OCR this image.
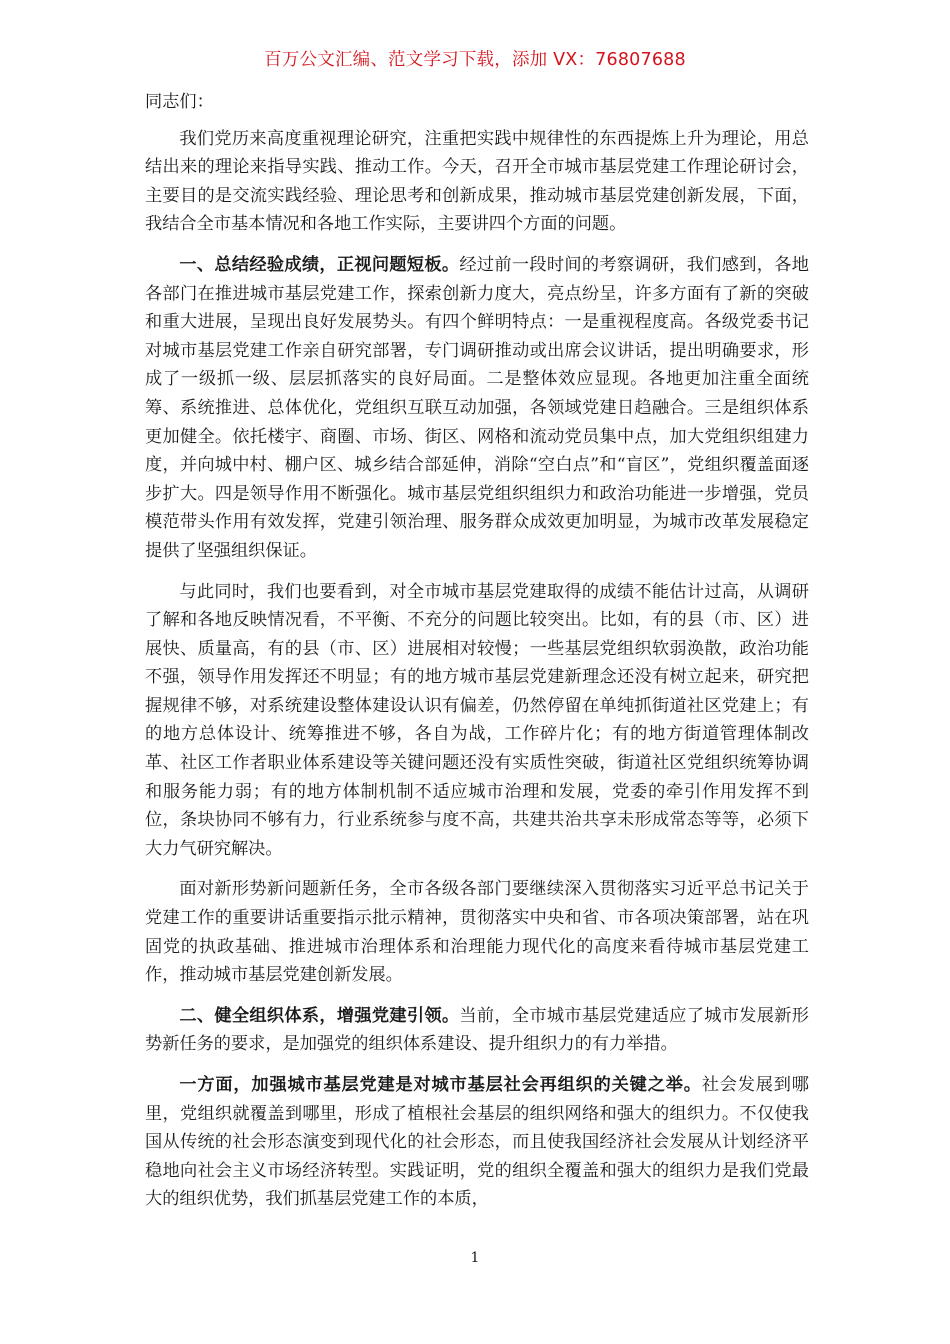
百万公文汇编、范文学习下载，添加 VX：76807688

同志们：

我们党历来高度重视理论研究，注重把实践中规律性的东西提炼上升为理论，用总结出来的理论来指导实践、推动工作。今天，召开全市城市基层党建工作理论研讨会，主要目的是交流实践经验、理论思考和创新成果，推动城市基层党建创新发展，下面，我结合全市基本情况和各地工作实际，主要讲四个方面的问题。

一、总结经验成绩，正视问题短板。经过前一段时间的考察调研，我们感到，各地各部门在推进城市基层党建工作，探索创新力度大，亮点纷呈，许多方面有了新的突破和重大进展，呈现出良好发展势头。有四个鲜明特点：一是重视程度高。各级党委书记对城市基层党建工作亲自研究部署，专门调研推动或出席会议讲话，提出明确要求，形成了一级抓一级、层层抓落实的良好局面。二是整体效应显现。各地更加注重全面统筹、系统推进、总体优化，党组织互联互动加强，各领域党建日趋融合。三是组织体系更加健全。依托楼宇、商圈、市场、街区、网格和流动党员集中点，加大党组织组建力度，并向城中村、棚户区、城乡结合部延伸，消除“空白点”和“盲区”，党组织覆盖面逐步扩大。四是领导作用不断强化。城市基层党组织组织力和政治功能进一步增强，党员模范带头作用有效发挥，党建引领治理、服务群众成效更加明显，为城市改革发展稳定提供了坚强组织保证。

与此同时，我们也要看到，对全市城市基层党建取得的成绩不能估计过高，从调研了解和各地反映情况看，不平衡、不充分的问题比较突出。比如，有的县（市、区）进展快、质量高，有的县（市、区）进展相对较慢；一些基层党组织软弱涣散，政治功能不强，领导作用发挥还不明显；有的地方城市基层党建新理念还没有树立起来，研究把握规律不够，对系统建设整体建设认识有偏差，仍然停留在单纯抓街道社区党建上；有的地方总体设计、统筹推进不够，各自为战，工作碎片化；有的地方街道管理体制改革、社区工作者职业体系建设等关键问题还没有实质性突破，街道社区党组织统筹协调和服务能力弱；有的地方体制机制不适应城市治理和发展，党委的牵引作用发挥不到位，条块协同不够有力，行业系统参与度不高，共建共治共享未形成常态等等，必须下大力气研究解决。

面对新形势新问题新任务，全市各级各部门要继续深入贯彻落实习近平总书记关于党建工作的重要讲话重要指示批示精神，贯彻落实中央和省、市各项决策部署，站在巩固党的执政基础、推进城市治理体系和治理能力现代化的高度来看待城市基层党建工作，推动城市基层党建创新发展。

二、健全组织体系，增强党建引领。当前，全市城市基层党建适应了城市发展新形势新任务的要求，是加强党的组织体系建设、提升组织力的有力举措。

一方面，加强城市基层党建是对城市基层社会再组织的关键之举。社会发展到哪里，党组织就覆盖到哪里，形成了植根社会基层的组织网络和强大的组织力。不仅使我国从传统的社会形态演变到现代化的社会形态，而且使我国经济社会发展从计划经济平稳地向社会主义市场经济转型。实践证明，党的组织全覆盖和强大的组织力是我们党最大的组织优势，我们抓基层党建工作的本质，

1
